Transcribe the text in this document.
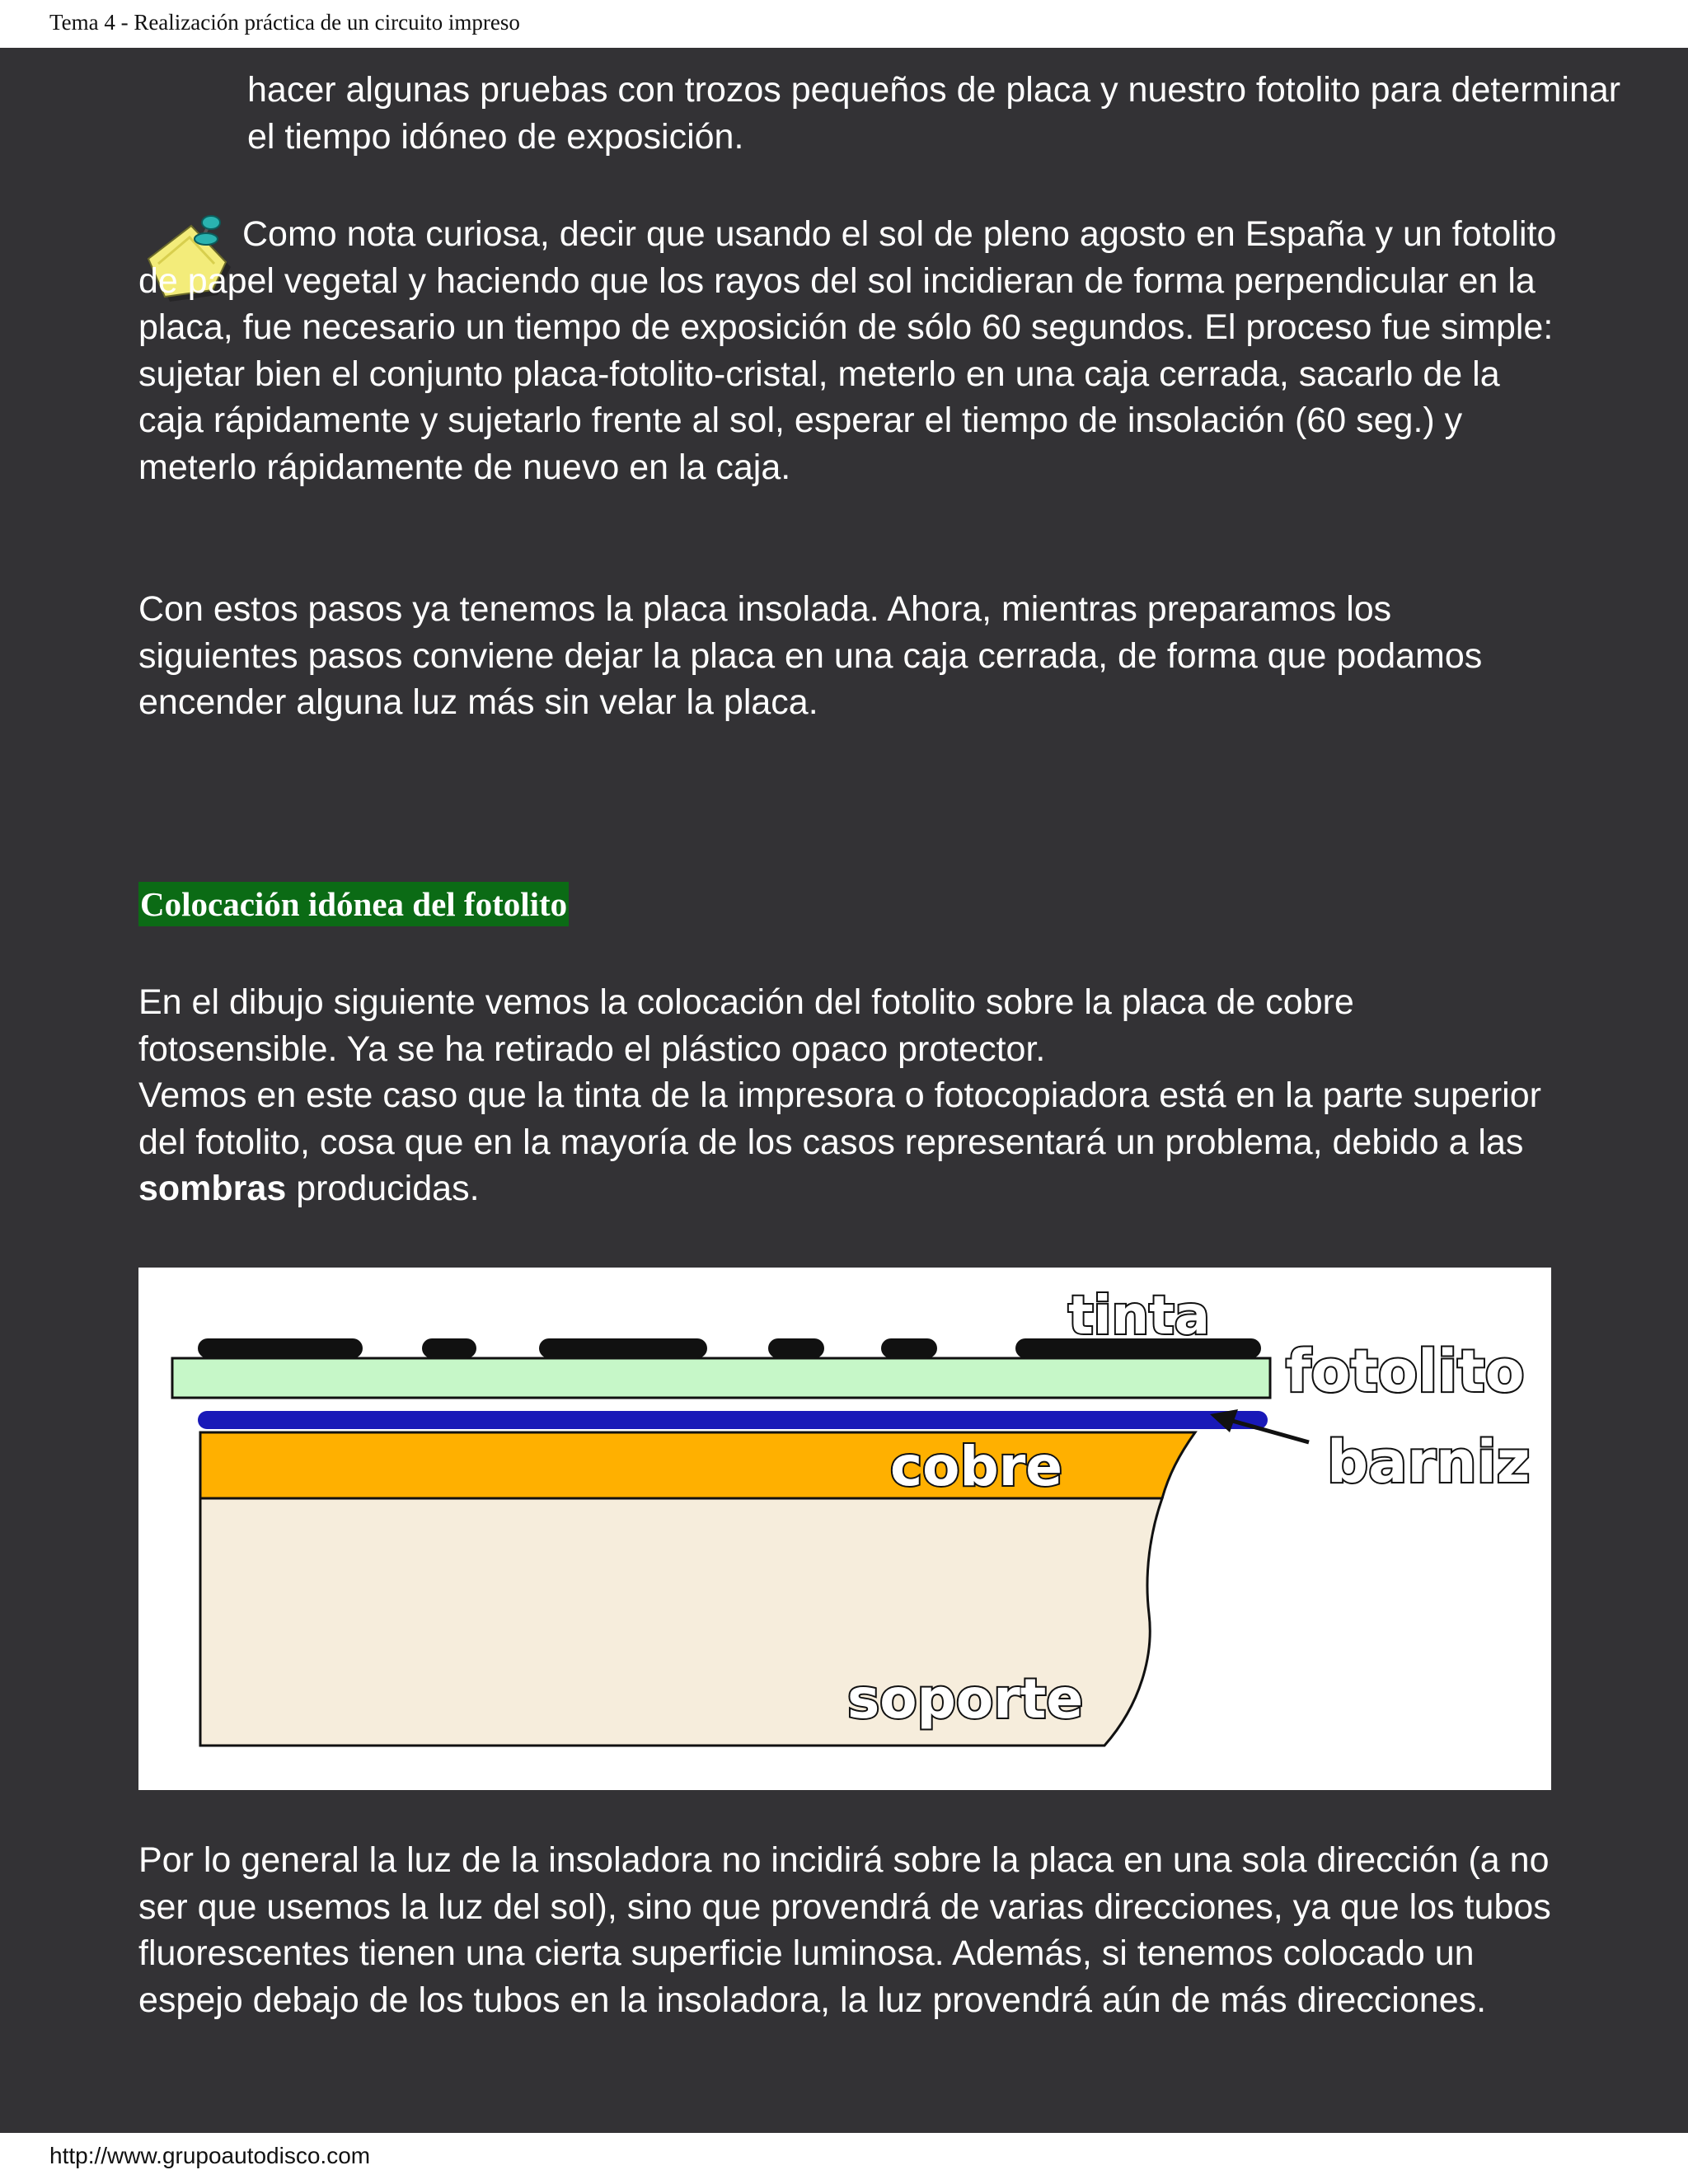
Tema 4 - Realización práctica de un circuito impreso

hacer algunas pruebas con trozos pequeños de placa y nuestro fotolito para determinar el tiempo idóneo de exposición.

Como nota curiosa, decir que usando el sol de pleno agosto en España y un fotolito de papel vegetal y haciendo que los rayos del sol incidieran de forma perpendicular en la placa, fue necesario un tiempo de exposición de sólo 60 segundos. El proceso fue simple: sujetar bien el conjunto placa-fotolito-cristal, meterlo en una caja cerrada, sacarlo de la caja rápidamente y sujetarlo frente al sol, esperar el tiempo de insolación (60 seg.) y meterlo rápidamente de nuevo en la caja.

Con estos pasos ya tenemos la placa insolada. Ahora, mientras preparamos los siguientes pasos conviene dejar la placa en una caja cerrada, de forma que podamos encender alguna luz más sin velar la placa.

Colocación idónea del fotolito

En el dibujo siguiente vemos la colocación del fotolito sobre la placa de cobre fotosensible. Ya se ha retirado el plástico opaco protector.
Vemos en este caso que la tinta de la impresora o fotocopiadora está en la parte superior del fotolito, cosa que en la mayoría de los casos representará un problema, debido a las sombras producidas.

tinta
fotolito
barniz
cobre
soporte

Por lo general la luz de la insoladora no incidirá sobre la placa en una sola dirección (a no ser que usemos la luz del sol), sino que provendrá de varias direcciones, ya que los tubos fluorescentes tienen una cierta superficie luminosa. Además, si tenemos colocado un espejo debajo de los tubos en la insoladora, la luz provendrá aún de más direcciones.

http://www.grupoautodisco.com
